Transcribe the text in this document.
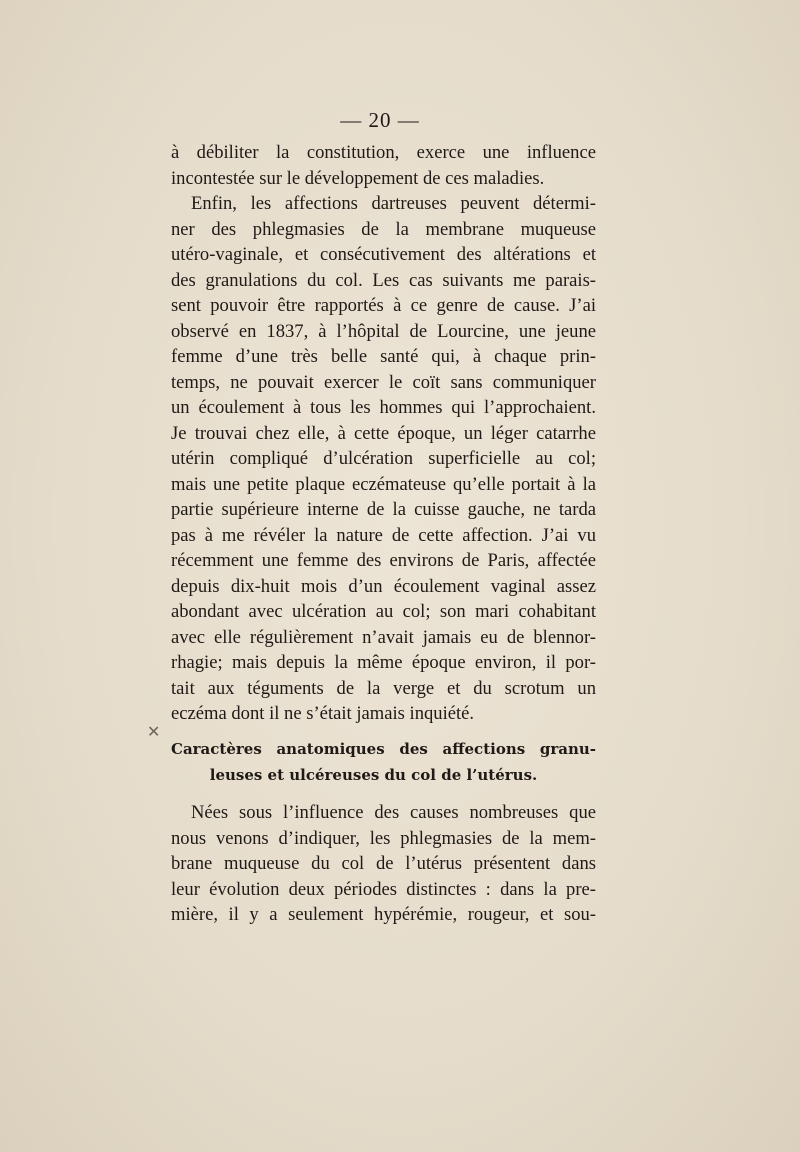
— 20 —
à débiliter la constitution, exerce une influence
incontestée sur le développement de ces maladies.
Enfin, les affections dartreuses peuvent détermi-
ner des phlegmasies de la membrane muqueuse
utéro-vaginale, et consécutivement des altérations et
des granulations du col. Les cas suivants me parais-
sent pouvoir être rapportés à ce genre de cause. J’ai
observé en 1837, à l’hôpital de Lourcine, une jeune
femme d’une très belle santé qui, à chaque prin-
temps, ne pouvait exercer le coït sans communiquer
un écoulement à tous les hommes qui l’approchaient.
Je trouvai chez elle, à cette époque, un léger catarrhe
utérin compliqué d’ulcération superficielle au col;
mais une petite plaque eczémateuse qu’elle portait à la
partie supérieure interne de la cuisse gauche, ne tarda
pas à me révéler la nature de cette affection. J’ai vu
récemment une femme des environs de Paris, affectée
depuis dix-huit mois d’un écoulement vaginal assez
abondant avec ulcération au col; son mari cohabitant
avec elle régulièrement n’avait jamais eu de blennor-
rhagie; mais depuis la même époque environ, il por-
tait aux téguments de la verge et du scrotum un
eczéma dont il ne s’était jamais inquiété.
✕
Caractères anatomiques des affections granu-
leuses et ulcéreuses du col de l’utérus.
Nées sous l’influence des causes nombreuses que
nous venons d’indiquer, les phlegmasies de la mem-
brane muqueuse du col de l’utérus présentent dans
leur évolution deux périodes distinctes : dans la pre-
mière, il y a seulement hypérémie, rougeur, et sou-
